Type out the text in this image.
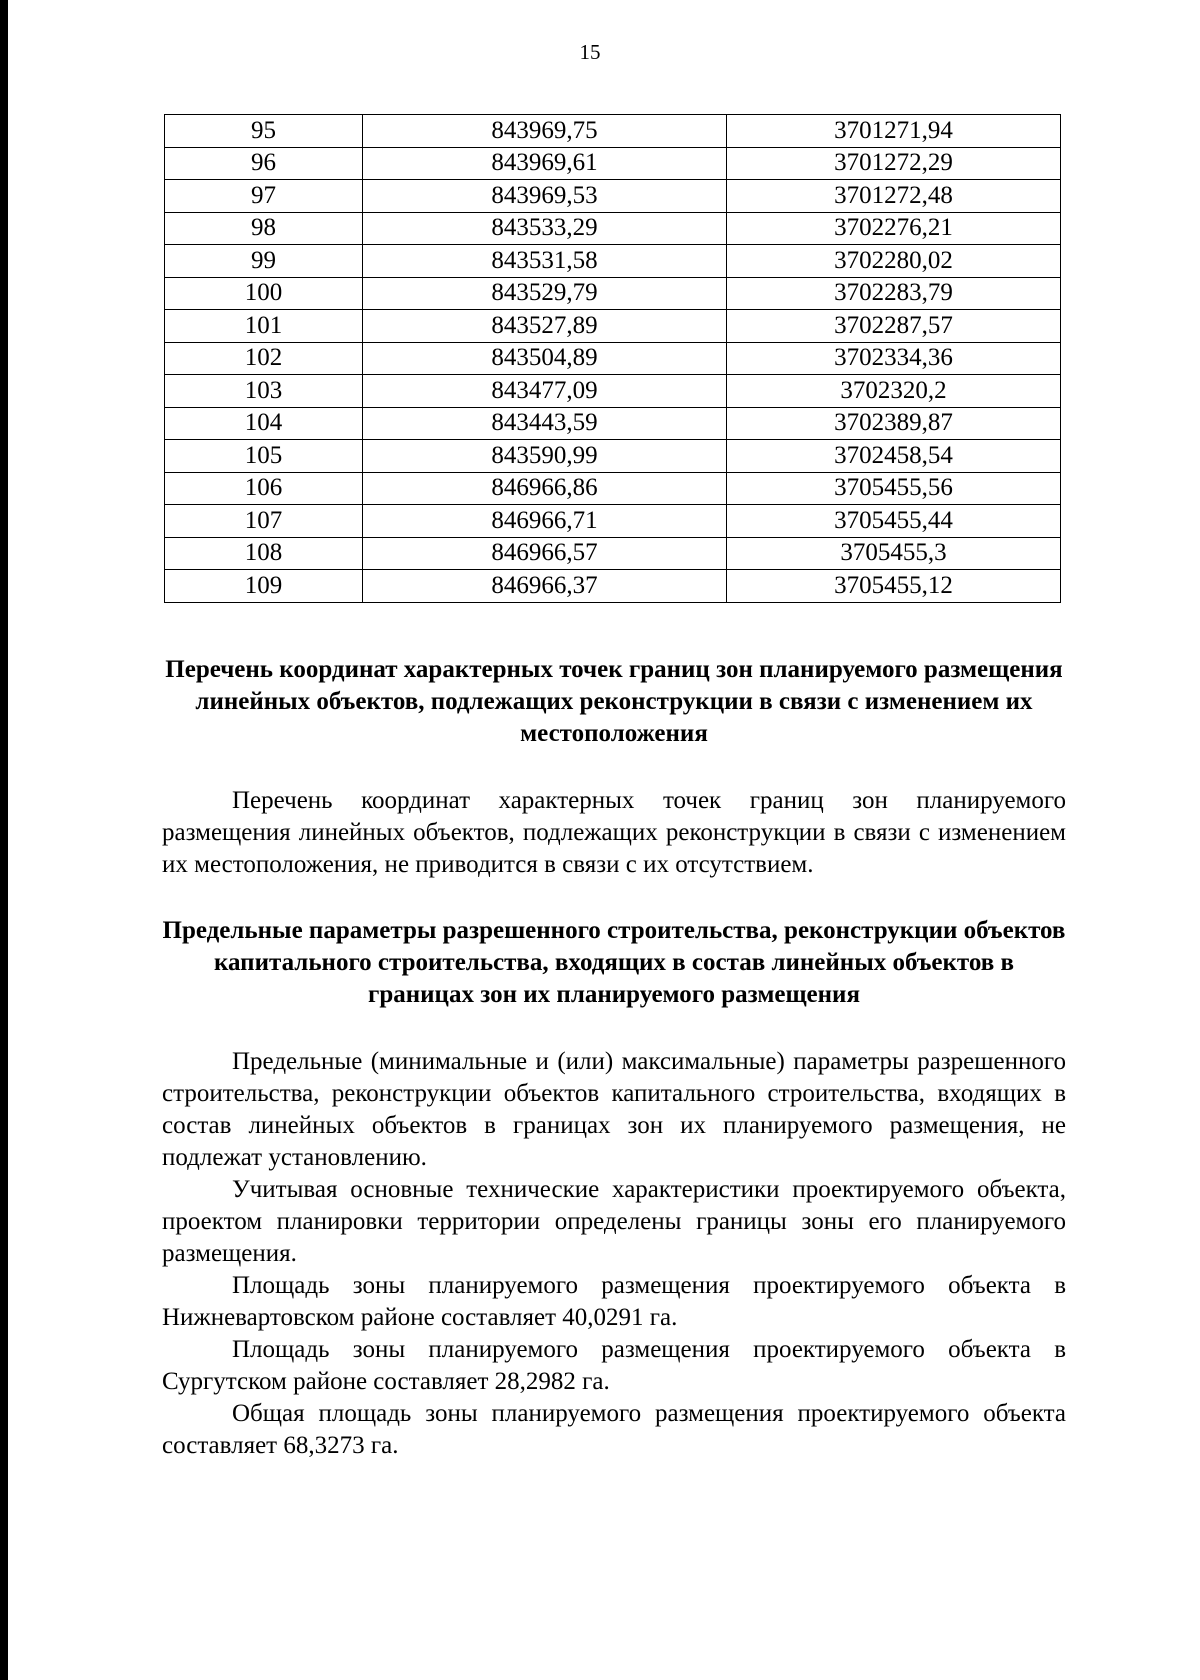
15
95	843969,75	3701271,94
96	843969,61	3701272,29
97	843969,53	3701272,48
98	843533,29	3702276,21
99	843531,58	3702280,02
100	843529,79	3702283,79
101	843527,89	3702287,57
102	843504,89	3702334,36
103	843477,09	3702320,2
104	843443,59	3702389,87
105	843590,99	3702458,54
106	846966,86	3705455,56
107	846966,71	3705455,44
108	846966,57	3705455,3
109	846966,37	3705455,12

Перечень координат характерных точек границ зон планируемого размещения линейных объектов, подлежащих реконструкции в связи с изменением их местоположения

Перечень координат характерных точек границ зон планируемого размещения линейных объектов, подлежащих реконструкции в связи с изменением их местоположения, не приводится в связи с их отсутствием.

Предельные параметры разрешенного строительства, реконструкции объектов капитального строительства, входящих в состав линейных объектов в границах зон их планируемого размещения

Предельные (минимальные и (или) максимальные) параметры разрешенного строительства, реконструкции объектов капитального строительства, входящих в состав линейных объектов в границах зон их планируемого размещения, не подлежат установлению.

Учитывая основные технические характеристики проектируемого объекта, проектом планировки территории определены границы зоны его планируемого размещения.

Площадь зоны планируемого размещения проектируемого объекта в Нижневартовском районе составляет 40,0291 га.

Площадь зоны планируемого размещения проектируемого объекта в Сургутском районе составляет 28,2982 га.

Общая площадь зоны планируемого размещения проектируемого объекта составляет 68,3273 га.
